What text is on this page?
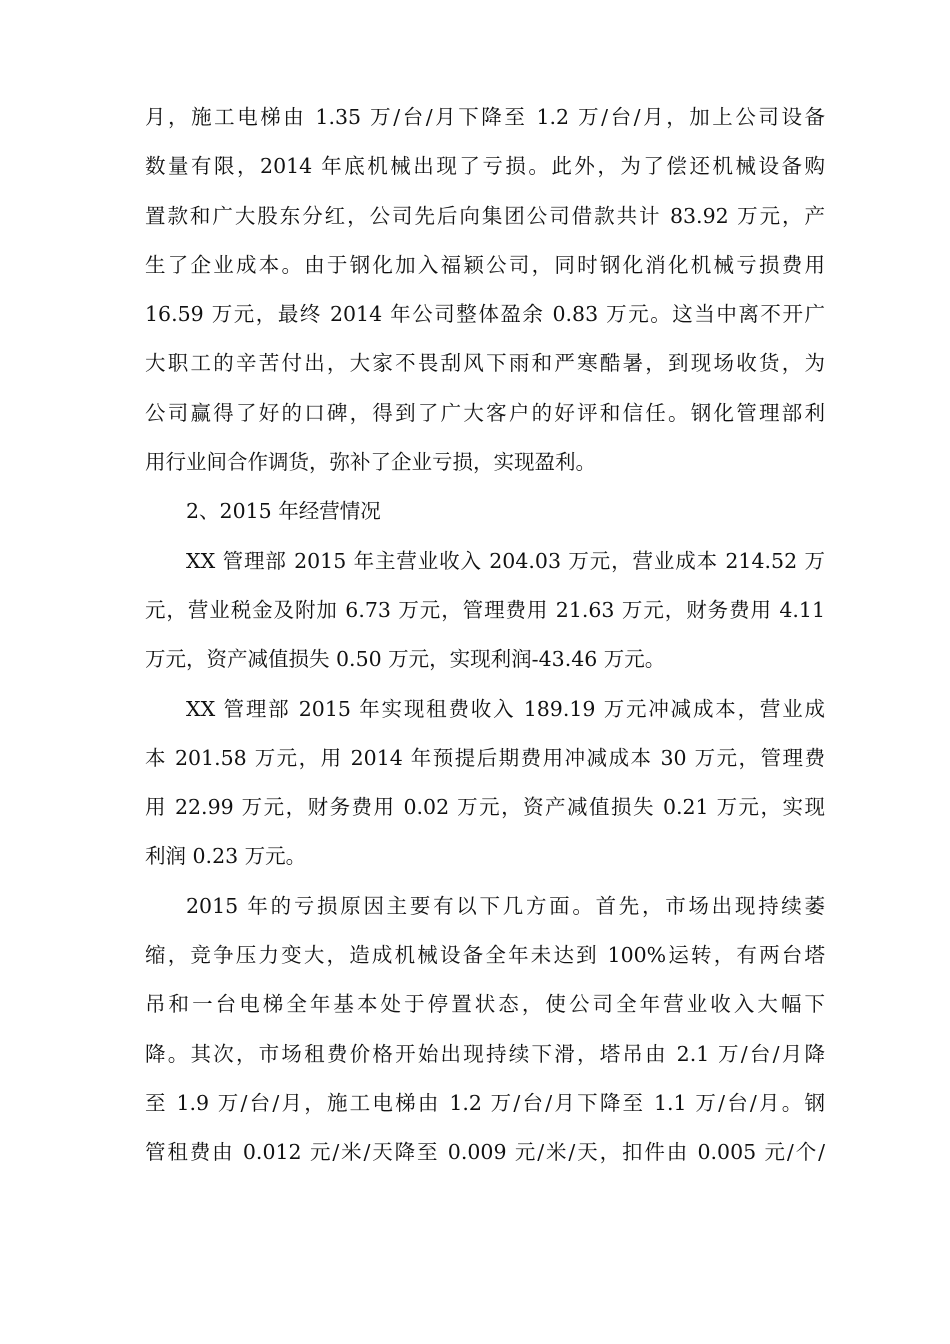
月，施工电梯由 1.35 万/台/月下降至 1.2 万/台/月，加上公司设备
数量有限，2014 年底机械出现了亏损。此外，为了偿还机械设备购
置款和广大股东分红，公司先后向集团公司借款共计 83.92 万元，产
生了企业成本。由于钢化加入福颖公司，同时钢化消化机械亏损费用
16.59 万元，最终 2014 年公司整体盈余 0.83 万元。这当中离不开广
大职工的辛苦付出，大家不畏刮风下雨和严寒酷暑，到现场收货，为
公司赢得了好的口碑，得到了广大客户的好评和信任。钢化管理部利
用行业间合作调货，弥补了企业亏损，实现盈利。
2、2015 年经营情况
XX 管理部 2015 年主营业收入 204.03 万元，营业成本 214.52 万
元，营业税金及附加 6.73 万元，管理费用 21.63 万元，财务费用 4.11
万元，资产减值损失 0.50 万元，实现利润-43.46 万元。
XX 管理部 2015 年实现租费收入 189.19 万元冲减成本，营业成
本 201.58 万元，用 2014 年预提后期费用冲减成本 30 万元，管理费
用 22.99 万元，财务费用 0.02 万元，资产减值损失 0.21 万元，实现
利润 0.23 万元。
2015 年的亏损原因主要有以下几方面。首先，市场出现持续萎
缩，竞争压力变大，造成机械设备全年未达到 100%运转，有两台塔
吊和一台电梯全年基本处于停置状态，使公司全年营业收入大幅下
降。其次，市场租费价格开始出现持续下滑，塔吊由 2.1 万/台/月降
至 1.9 万/台/月，施工电梯由 1.2 万/台/月下降至 1.1 万/台/月。钢
管租费由 0.012 元/米/天降至 0.009 元/米/天，扣件由 0.005 元/个/
